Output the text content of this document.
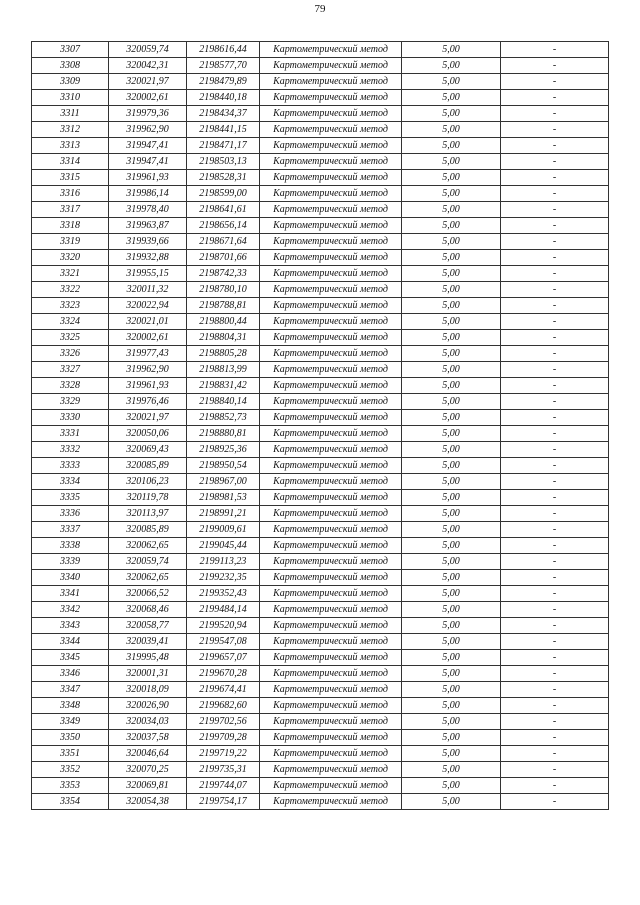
79
3307	320059,74	2198616,44	Картометрический метод	5,00	-
3308	320042,31	2198577,70	Картометрический метод	5,00	-
3309	320021,97	2198479,89	Картометрический метод	5,00	-
3310	320002,61	2198440,18	Картометрический метод	5,00	-
3311	319979,36	2198434,37	Картометрический метод	5,00	-
3312	319962,90	2198441,15	Картометрический метод	5,00	-
3313	319947,41	2198471,17	Картометрический метод	5,00	-
3314	319947,41	2198503,13	Картометрический метод	5,00	-
3315	319961,93	2198528,31	Картометрический метод	5,00	-
3316	319986,14	2198599,00	Картометрический метод	5,00	-
3317	319978,40	2198641,61	Картометрический метод	5,00	-
3318	319963,87	2198656,14	Картометрический метод	5,00	-
3319	319939,66	2198671,64	Картометрический метод	5,00	-
3320	319932,88	2198701,66	Картометрический метод	5,00	-
3321	319955,15	2198742,33	Картометрический метод	5,00	-
3322	320011,32	2198780,10	Картометрический метод	5,00	-
3323	320022,94	2198788,81	Картометрический метод	5,00	-
3324	320021,01	2198800,44	Картометрический метод	5,00	-
3325	320002,61	2198804,31	Картометрический метод	5,00	-
3326	319977,43	2198805,28	Картометрический метод	5,00	-
3327	319962,90	2198813,99	Картометрический метод	5,00	-
3328	319961,93	2198831,42	Картометрический метод	5,00	-
3329	319976,46	2198840,14	Картометрический метод	5,00	-
3330	320021,97	2198852,73	Картометрический метод	5,00	-
3331	320050,06	2198880,81	Картометрический метод	5,00	-
3332	320069,43	2198925,36	Картометрический метод	5,00	-
3333	320085,89	2198950,54	Картометрический метод	5,00	-
3334	320106,23	2198967,00	Картометрический метод	5,00	-
3335	320119,78	2198981,53	Картометрический метод	5,00	-
3336	320113,97	2198991,21	Картометрический метод	5,00	-
3337	320085,89	2199009,61	Картометрический метод	5,00	-
3338	320062,65	2199045,44	Картометрический метод	5,00	-
3339	320059,74	2199113,23	Картометрический метод	5,00	-
3340	320062,65	2199232,35	Картометрический метод	5,00	-
3341	320066,52	2199352,43	Картометрический метод	5,00	-
3342	320068,46	2199484,14	Картометрический метод	5,00	-
3343	320058,77	2199520,94	Картометрический метод	5,00	-
3344	320039,41	2199547,08	Картометрический метод	5,00	-
3345	319995,48	2199657,07	Картометрический метод	5,00	-
3346	320001,31	2199670,28	Картометрический метод	5,00	-
3347	320018,09	2199674,41	Картометрический метод	5,00	-
3348	320026,90	2199682,60	Картометрический метод	5,00	-
3349	320034,03	2199702,56	Картометрический метод	5,00	-
3350	320037,58	2199709,28	Картометрический метод	5,00	-
3351	320046,64	2199719,22	Картометрический метод	5,00	-
3352	320070,25	2199735,31	Картометрический метод	5,00	-
3353	320069,81	2199744,07	Картометрический метод	5,00	-
3354	320054,38	2199754,17	Картометрический метод	5,00	-
